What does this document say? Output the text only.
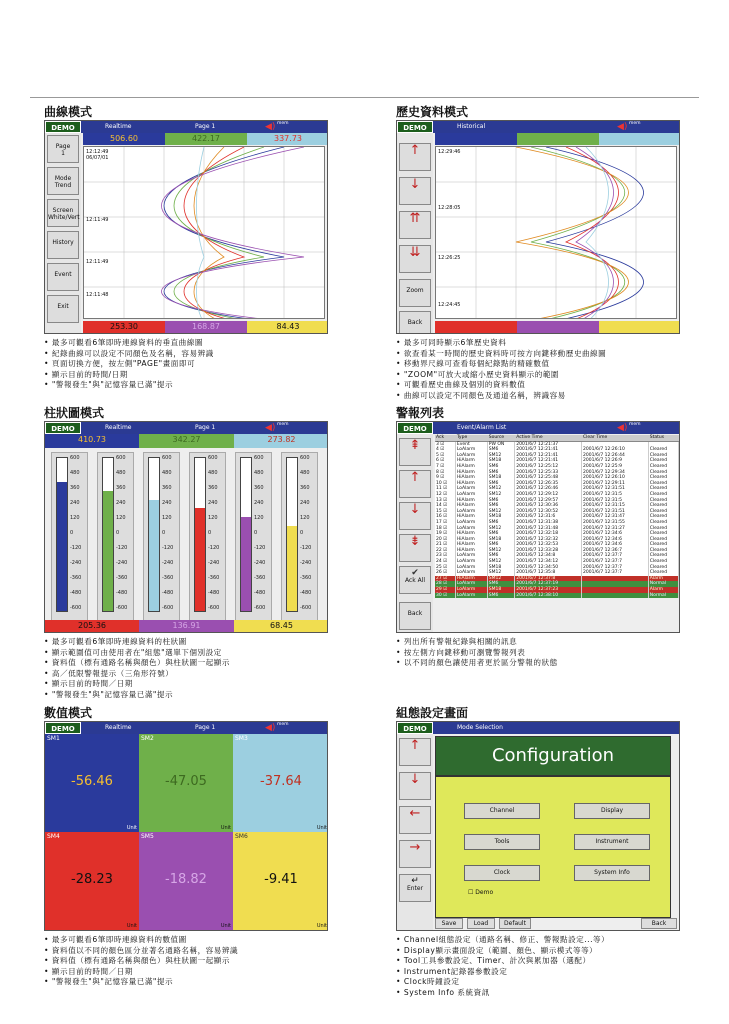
曲線模式
DEMO	Realtime	Page 1	◀) mem
Page
1
Mode
Trend
Screen
White/Vert
History
Event
Exit
506.60	422.17	337.73
12:12:49
06/07/01
12:11:49
12:11:49
12:11:48
253.30	168.87	84.43
• 最多可觀看6筆即時連線資料的垂直曲線圖
• 紀錄曲線可以設定不同顏色及名稱，容易辨識
• 頁面切換方便，按左側"PAGE"畫面即可
• 顯示目前的時間/日期
• "警報發生"與"記憶容量已滿"提示
歷史資料模式
DEMO	Historical	◀) mem
↑
↓
⇈
⇊
Zoom
Back
12:29:46
12:28:05
12:26:25
12:24:45
• 最多可同時顯示6筆歷史資料
• 欲查看某一時間的歷史資料時可按方向鍵移動歷史曲線圖
• 移動界尺線可查看每個紀錄點的精確數值
• "ZOOM"可放大或縮小歷史資料顯示的範圍
• 可觀看歷史曲線及個別的資料數值
• 曲線可以設定不同顏色及通道名稱，辨識容易
柱狀圖模式
DEMO	Realtime	Page 1	◀) mem
410.73	342.27	273.82
600
480
360
240
120
0
-120
-240
-360
-480
-600
600
480
360
240
120
0
-120
-240
-360
-480
-600
600
480
360
240
120
0
-120
-240
-360
-480
-600
600
480
360
240
120
0
-120
-240
-360
-480
-600
600
480
360
240
120
0
-120
-240
-360
-480
-600
600
480
360
240
120
0
-120
-240
-360
-480
-600
205.36	136.91	68.45
• 最多可觀看6筆即時連線資料的柱狀圖
• 顯示範圍值可由使用者在"組態"選單下個別設定
• 資料值（標有通路名稱與顏色）與柱狀圖一起顯示
• 高／低限警報提示（三角形符號）
• 顯示目前的時間／日期
• "警報發生"與"記憶容量已滿"提示
警報列表
DEMO	Event/Alarm List	◀) mem
⇞
↑
↓
⇟
✔
Ack All
Back
Ack	Type	Source	Active Time	Clear Time	Status
3 ☑	Event	PW ON	2001/6/7 12:21:37		
4 ☑	LoAlarm	SM6	2001/6/7 12:21:41	2001/6/7 12:26:10	Cleared
5 ☑	LoAlarm	SM12	2001/6/7 12:21:41	2001/6/7 12:26:44	Cleared
6 ☑	HiAlarm	SM18	2001/6/7 12:21:41	2001/6/7 12:26:9	Cleared
7 ☑	HiAlarm	SM6	2001/6/7 12:25:12	2001/6/7 12:25:9	Cleared
8 ☑	HiAlarm	SM6	2001/6/7 12:25:33	2001/6/7 12:29:34	Cleared
9 ☑	HiAlarm	SM18	2001/6/7 12:25:48	2001/6/7 12:26:10	Cleared
10 ☑	HiAlarm	SM6	2001/6/7 12:26:35	2001/6/7 12:29:11	Cleared
11 ☑	LoAlarm	SM12	2001/6/7 12:26:46	2001/6/7 12:31:51	Cleared
12 ☑	LoAlarm	SM12	2001/6/7 12:29:12	2001/6/7 12:31:5	Cleared
13 ☑	HiAlarm	SM6	2001/6/7 12:29:57	2001/6/7 12:31:5	Cleared
14 ☑	HiAlarm	SM6	2001/6/7 12:30:36	2001/6/7 12:31:15	Cleared
15 ☑	LoAlarm	SM12	2001/6/7 12:30:52	2001/6/7 12:31:51	Cleared
16 ☑	HiAlarm	SM18	2001/6/7 12:31:6	2001/6/7 12:31:47	Cleared
17 ☑	LoAlarm	SM6	2001/6/7 12:31:38	2001/6/7 12:31:55	Cleared
18 ☑	LoAlarm	SM12	2001/6/7 12:31:48	2001/6/7 12:31:27	Cleared
19 ☑	HiAlarm	SM6	2001/6/7 12:32:18	2001/6/7 12:34:6	Cleared
20 ☑	HiAlarm	SM18	2001/6/7 12:32:32	2001/6/7 12:34:6	Cleared
21 ☑	HiAlarm	SM6	2001/6/7 12:32:53	2001/6/7 12:34:6	Cleared
22 ☑	HiAlarm	SM12	2001/6/7 12:33:28	2001/6/7 12:36:7	Cleared
23 ☑	LoAlarm	SM6	2001/6/7 12:34:8	2001/6/7 12:37:7	Cleared
24 ☑	LoAlarm	SM12	2001/6/7 12:34:12	2001/6/7 12:37:7	Cleared
25 ☑	LoAlarm	SM18	2001/6/7 12:34:50	2001/6/7 12:37:7	Cleared
26 ☑	LoAlarm	SM12	2001/6/7 12:35:8	2001/6/7 12:37:7	Cleared
27 ☑	HiAlarm	SM12	2001/6/7 12:37:8		Alarm
28 ☑	LoAlarm	SM6	2001/6/7 12:37:19		Normal
29 ☑	LoAlarm	SM18	2001/6/7 12:37:23		Alarm
30 ☑	LoAlarm	SM6	2001/6/7 12:38:10		Normal
• 列出所有警報紀錄與相關的訊息
• 按左側方向鍵移動可瀏覽警報列表
• 以不同的顏色讓使用者更於區分警報的狀態
數值模式
DEMO	Realtime	Page 1	◀) mem
SM1
-56.46
Unit
SM2
-47.05
Unit
SM3
-37.64
Unit
SM4
-28.23
Unit
SM5
-18.82
Unit
SM6
-9.41
Unit
• 最多可觀看6筆即時連線資料的數值圖
• 資料值以不同的顏色區分並著名通路名稱，容易辨識
• 資料值（標有通路名稱與顏色）與柱狀圖一起顯示
• 顯示目前的時間／日期
• "警報發生"與"記憶容量已滿"提示
組態設定畫面
DEMO	Mode Selection
↑
↓
←
→
↵
Enter
Configuration
Channel	Display
Tools	Instrument
Clock	System Info
☐ Demo
Save	Load	Default	Back
• Channel組態設定（通路名稱、修正、警報點設定...等）
• Display顯示畫面設定（範圍、顏色、顯示模式等等）
• Tool工具參數設定、Timer、計次與累加器（選配）
• Instrument記錄器參數設定
• Clock時鐘設定
• System Info 系統資訊
